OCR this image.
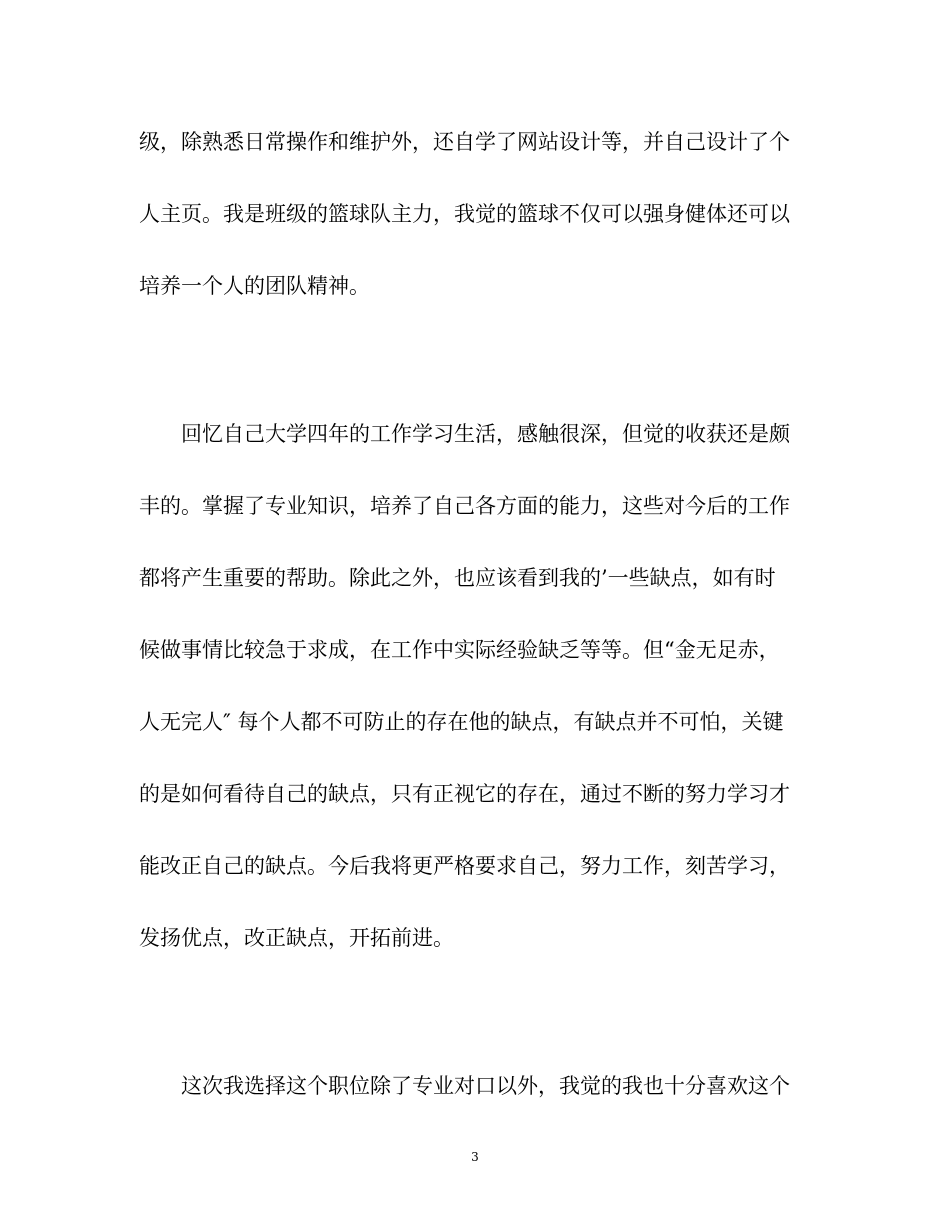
级，除熟悉日常操作和维护外，还自学了网站设计等，并自己设计了个
人主页。我是班级的篮球队主力，我觉的篮球不仅可以强身健体还可以
培养一个人的团队精神。
回忆自己大学四年的工作学习生活，感触很深，但觉的收获还是颇
丰的。掌握了专业知识，培养了自己各方面的能力，这些对今后的工作
都将产生重要的帮助。除此之外，也应该看到我的’一些缺点，如有时
候做事情比较急于求成，在工作中实际经验缺乏等等。但“金无足赤，
人无完人″ 每个人都不可防止的存在他的缺点，有缺点并不可怕，关键
的是如何看待自己的缺点，只有正视它的存在，通过不断的努力学习才
能改正自己的缺点。今后我将更严格要求自己，努力工作，刻苦学习，
发扬优点，改正缺点，开拓前进。
这次我选择这个职位除了专业对口以外，我觉的我也十分喜欢这个
3
